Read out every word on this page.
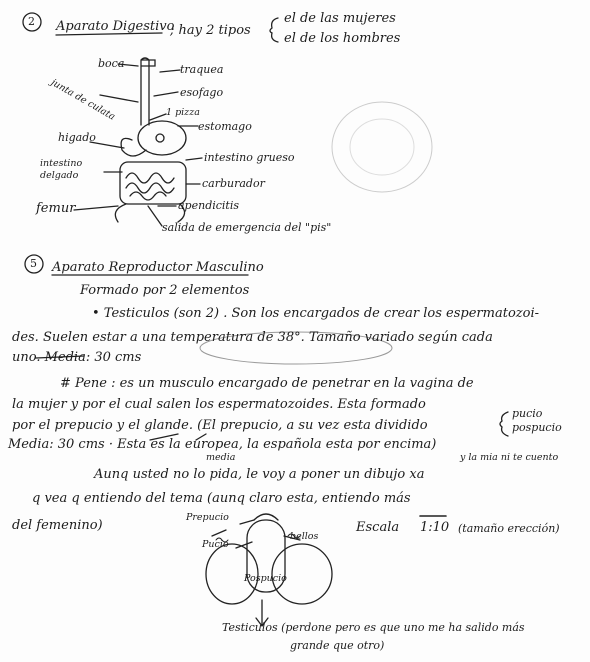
2 Aparato Digestivo
; hay 2 tipos
el de las mujeres
el de los hombres
boca	traquea
junta de culata	esofago
1 pizza
estomago
higado
intestino delgado
intestino grueso
carburador
femur	apendicitis
salida de emergencia del "pis"
5 Aparato Reproductor Masculino
Formado por 2 elementos
• Testiculos (son 2) . Son los encargados de crear los espermatozoi-
des. Suelen estar a una temperatura de 38°. Tamaño variado según cada
uno. Media: 30 cms
# Pene : es un musculo encargado de penetrar en la vagina de
la mujer y por el cual salen los espermatozoides. Esta formado
por el prepucio y el glande. (El prepucio, a su vez esta dividido
pucio
pospucio
Media: 30 cms · Esta es la europea, la española esta por encima)
media	y la mia ni te cuento
Aunq usted no lo pida, le voy a poner un dibujo xa
q vea q entiendo del tema (aunq claro esta, entiendo más
del femenino)	Escala 1:10 (tamaño erección)
Prepucio
Pucio
bellos
Pospucio
Testiculos (perdone pero es que uno me ha salido más
grande que otro)
